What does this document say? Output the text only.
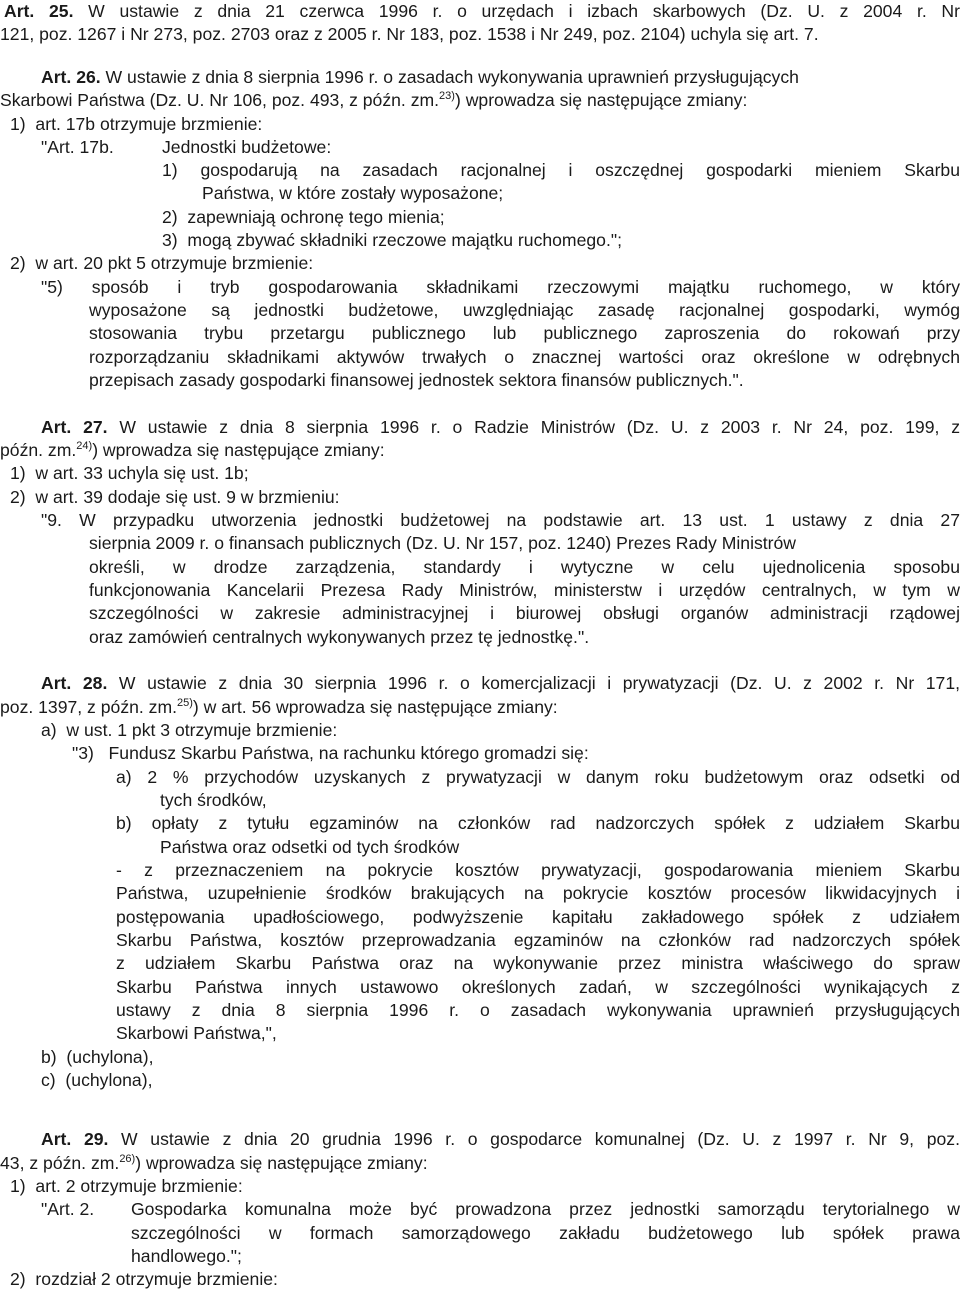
Art. 25. W ustawie z dnia 21 czerwca 1996 r. o urzędach i izbach skarbowych (Dz. U. z 2004 r. Nr
121, poz. 1267 i Nr 273, poz. 2703 oraz z 2005 r. Nr 183, poz. 1538 i Nr 249, poz. 2104) uchyla się art. 7.
Art. 26. W ustawie z dnia 8 sierpnia 1996 r. o zasadach wykonywania uprawnień przysługujących
Skarbowi Państwa (Dz. U. Nr 106, poz. 493, z późn. zm.$^{23)}$) wprowadza się następujące zmiany:
1)  art. 17b otrzymuje brzmienie:
"Art. 17b.	Jednostki budżetowe:
1) gospodarują na zasadach racjonalnej i oszczędnej gospodarki mieniem Skarbu
Państwa, w które zostały wyposażone;
2)  zapewniają ochronę tego mienia;
3)  mogą zbywać składniki rzeczowe majątku ruchomego.";
2)  w art. 20 pkt 5 otrzymuje brzmienie:
"5) sposób i tryb gospodarowania składnikami rzeczowymi majątku ruchomego, w który
wyposażone są jednostki budżetowe, uwzględniając zasadę racjonalnej gospodarki, wymóg
stosowania trybu przetargu publicznego lub publicznego zaproszenia do rokowań przy
rozporządzaniu składnikami aktywów trwałych o znacznej wartości oraz określone w odrębnych
przepisach zasady gospodarki finansowej jednostek sektora finansów publicznych.".
Art. 27. W ustawie z dnia 8 sierpnia 1996 r. o Radzie Ministrów (Dz. U. z 2003 r. Nr 24, poz. 199, z
późn. zm.$^{24)}$) wprowadza się następujące zmiany:
1)  w art. 33 uchyla się ust. 1b;
2)  w art. 39 dodaje się ust. 9 w brzmieniu:
"9. W przypadku utworzenia jednostki budżetowej na podstawie art. 13 ust. 1 ustawy z dnia 27
sierpnia 2009 r. o finansach publicznych (Dz. U. Nr 157, poz. 1240) Prezes Rady Ministrów
określi, w drodze zarządzenia, standardy i wytyczne w celu ujednolicenia sposobu
funkcjonowania Kancelarii Prezesa Rady Ministrów, ministerstw i urzędów centralnych, w tym w
szczególności w zakresie administracyjnej i biurowej obsługi organów administracji rządowej
oraz zamówień centralnych wykonywanych przez tę jednostkę.".
Art. 28. W ustawie z dnia 30 sierpnia 1996 r. o komercjalizacji i prywatyzacji (Dz. U. z 2002 r. Nr 171,
poz. 1397, z późn. zm.$^{25)}$) w art. 56 wprowadza się następujące zmiany:
a)  w ust. 1 pkt 3 otrzymuje brzmienie:
"3)   Fundusz Skarbu Państwa, na rachunku którego gromadzi się:
a) 2 % przychodów uzyskanych z prywatyzacji w danym roku budżetowym oraz odsetki od
tych środków,
b) opłaty z tytułu egzaminów na członków rad nadzorczych spółek z udziałem Skarbu
Państwa oraz odsetki od tych środków
- z przeznaczeniem na pokrycie kosztów prywatyzacji, gospodarowania mieniem Skarbu
Państwa, uzupełnienie środków brakujących na pokrycie kosztów procesów likwidacyjnych i
postępowania upadłościowego, podwyższenie kapitału zakładowego spółek z udziałem
Skarbu Państwa, kosztów przeprowadzania egzaminów na członków rad nadzorczych spółek
z udziałem Skarbu Państwa oraz na wykonywanie przez ministra właściwego do spraw
Skarbu Państwa innych ustawowo określonych zadań, w szczególności wynikających z
ustawy z dnia 8 sierpnia 1996 r. o zasadach wykonywania uprawnień przysługujących
Skarbowi Państwa,",
b)  (uchylona),
c)  (uchylona),
Art. 29. W ustawie z dnia 20 grudnia 1996 r. o gospodarce komunalnej (Dz. U. z 1997 r. Nr 9, poz.
43, z późn. zm.$^{26)}$) wprowadza się następujące zmiany:
1)  art. 2 otrzymuje brzmienie:
"Art. 2.	Gospodarka komunalna może być prowadzona przez jednostki samorządu terytorialnego w
szczególności w formach samorządowego zakładu budżetowego lub spółek prawa
handlowego.";
2)  rozdział 2 otrzymuje brzmienie:
